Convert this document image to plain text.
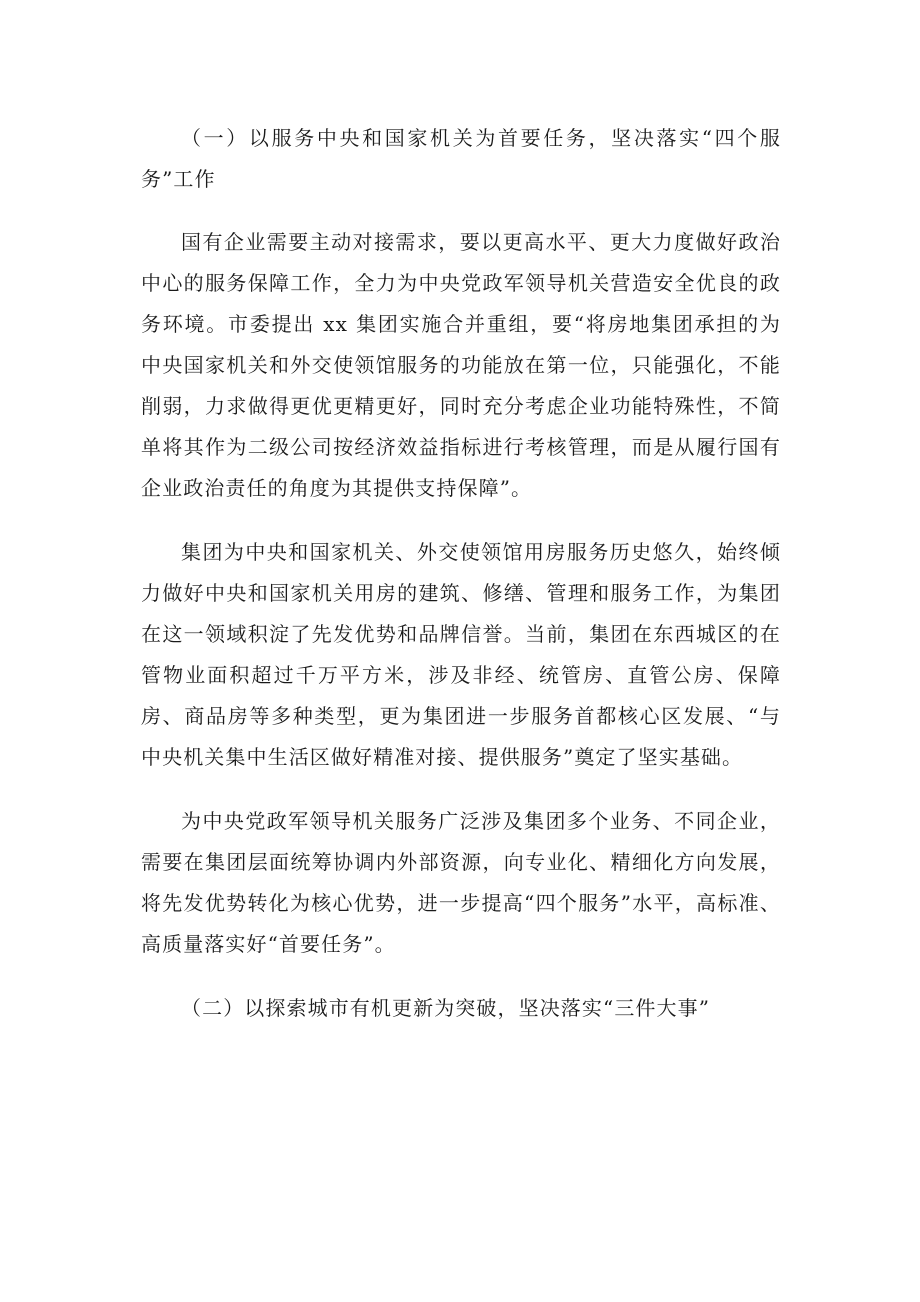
（一）以服务中央和国家机关为首要任务，坚决落实“四个服务”工作

国有企业需要主动对接需求，要以更高水平、更大力度做好政治中心的服务保障工作，全力为中央党政军领导机关营造安全优良的政务环境。市委提出 xx 集团实施合并重组，要“将房地集团承担的为中央国家机关和外交使领馆服务的功能放在第一位，只能强化，不能削弱，力求做得更优更精更好，同时充分考虑企业功能特殊性，不简单将其作为二级公司按经济效益指标进行考核管理，而是从履行国有企业政治责任的角度为其提供支持保障”。

集团为中央和国家机关、外交使领馆用房服务历史悠久，始终倾力做好中央和国家机关用房的建筑、修缮、管理和服务工作，为集团在这一领域积淀了先发优势和品牌信誉。当前，集团在东西城区的在管物业面积超过千万平方米，涉及非经、统管房、直管公房、保障房、商品房等多种类型，更为集团进一步服务首都核心区发展、“与中央机关集中生活区做好精准对接、提供服务”奠定了坚实基础。

为中央党政军领导机关服务广泛涉及集团多个业务、不同企业，需要在集团层面统筹协调内外部资源，向专业化、精细化方向发展，将先发优势转化为核心优势，进一步提高“四个服务”水平，高标准、高质量落实好“首要任务”。

（二）以探索城市有机更新为突破，坚决落实“三件大事”
